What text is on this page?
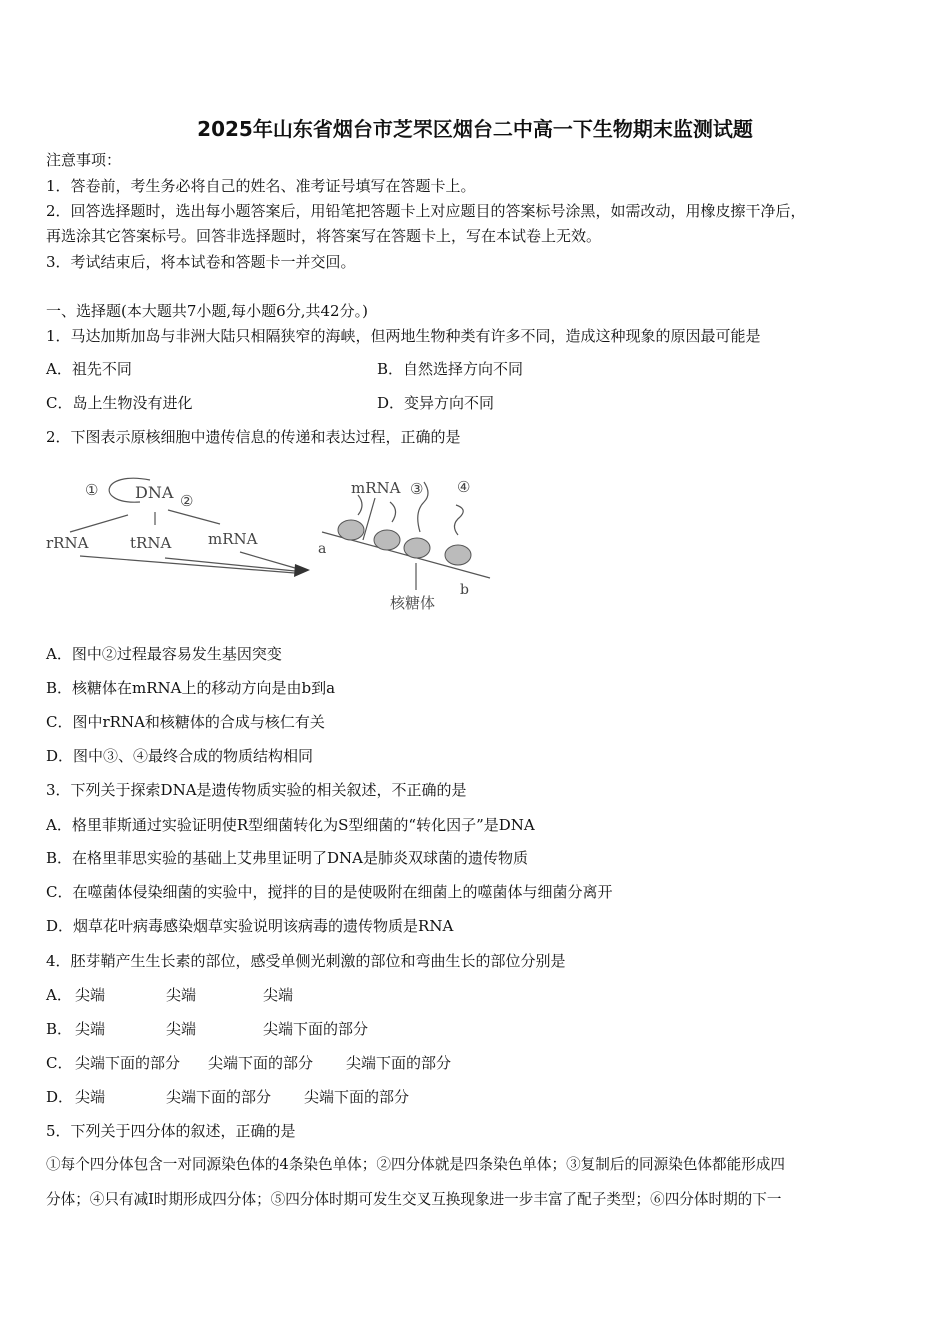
2025年山东省烟台市芝罘区烟台二中高一下生物期末监测试题
注意事项：
1．答卷前，考生务必将自己的姓名、准考证号填写在答题卡上。
2．回答选择题时，选出每小题答案后，用铅笔把答题卡上对应题目的答案标号涂黑，如需改动，用橡皮擦干净后，
再选涂其它答案标号。回答非选择题时，将答案写在答题卡上，写在本试卷上无效。
3．考试结束后，将本试卷和答题卡一并交回。
一、选择题(本大题共7小题,每小题6分,共42分。)
1．马达加斯加岛与非洲大陆只相隔狭窄的海峡，但两地生物种类有许多不同，造成这种现象的原因最可能是
A．祖先不同	B．自然选择方向不同
C．岛上生物没有进化	D．变异方向不同
2．下图表示原核细胞中遗传信息的传递和表达过程，正确的是
① DNA ②
rRNA	tRNA mRNA
mRNA ③ ④
a
b
核糖体
A．图中②过程最容易发生基因突变
B．核糖体在mRNA上的移动方向是由b到a
C．图中rRNA和核糖体的合成与核仁有关
D．图中③、④最终合成的物质结构相同
3．下列关于探索DNA是遗传物质实验的相关叙述，不正确的是
A．格里菲斯通过实验证明使R型细菌转化为S型细菌的“转化因子”是DNA
B．在格里菲思实验的基础上艾弗里证明了DNA是肺炎双球菌的遗传物质
C．在噬菌体侵染细菌的实验中，搅拌的目的是使吸附在细菌上的噬菌体与细菌分离开
D．烟草花叶病毒感染烟草实验说明该病毒的遗传物质是RNA
4．胚芽鞘产生生长素的部位，感受单侧光刺激的部位和弯曲生长的部位分别是
A． 尖端	尖端	尖端
B． 尖端	尖端	尖端下面的部分
C． 尖端下面的部分 尖端下面的部分 尖端下面的部分
D． 尖端	尖端下面的部分 尖端下面的部分
5．下列关于四分体的叙述，正确的是
①每个四分体包含一对同源染色体的4条染色单体；②四分体就是四条染色单体；③复制后的同源染色体都能形成四
分体；④只有减Ⅰ时期形成四分体；⑤四分体时期可发生交叉互换现象进一步丰富了配子类型；⑥四分体时期的下一
